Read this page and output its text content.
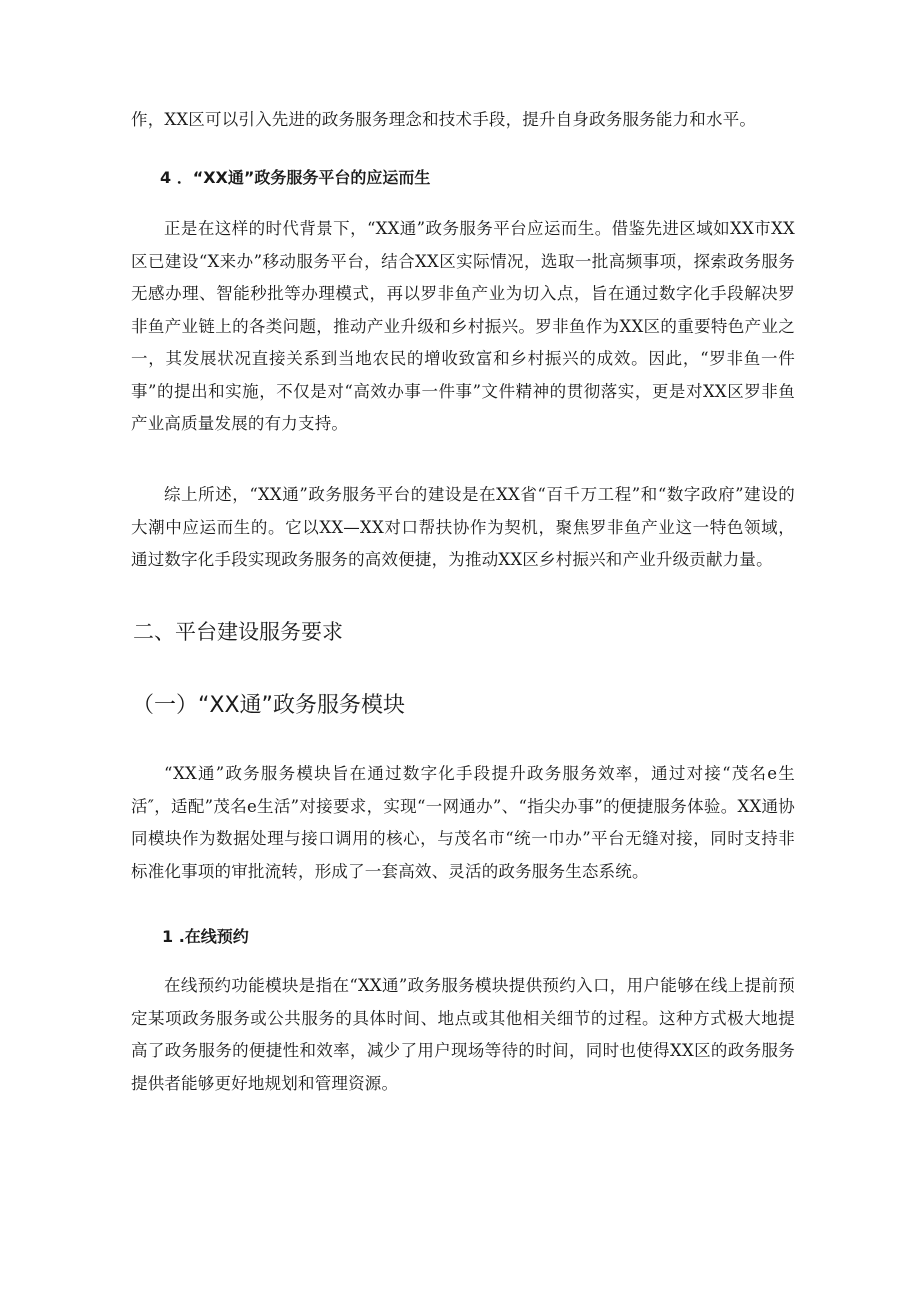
作，XX区可以引入先进的政务服务理念和技术手段，提升自身政务服务能力和水平。

4 ．“XX通”政务服务平台的应运而生

正是在这样的时代背景下，“XX通”政务服务平台应运而生。借鉴先进区域如XX市XX区已建设“X来办”移动服务平台，结合XX区实际情况，选取一批高频事项，探索政务服务无感办理、智能秒批等办理模式，再以罗非鱼产业为切入点，旨在通过数字化手段解决罗非鱼产业链上的各类问题，推动产业升级和乡村振兴。罗非鱼作为XX区的重要特色产业之一，其发展状况直接关系到当地农民的增收致富和乡村振兴的成效。因此，“罗非鱼一件事”的提出和实施，不仅是对“高效办事一件事”文件精神的贯彻落实，更是对XX区罗非鱼产业高质量发展的有力支持。

综上所述，“XX通”政务服务平台的建设是在XX省“百千万工程”和“数字政府”建设的大潮中应运而生的。它以XX—XX对口帮扶协作为契机，聚焦罗非鱼产业这一特色领域，通过数字化手段实现政务服务的高效便捷，为推动XX区乡村振兴和产业升级贡献力量。

二、平台建设服务要求
（一）“XX通”政务服务模块

“XX通”政务服务模块旨在通过数字化手段提升政务服务效率，通过对接“茂名e生活″，适配”茂名e生活”对接要求，实现“一网通办”、“指尖办事”的便捷服务体验。XX通协同模块作为数据处理与接口调用的核心，与茂名市“统一巾办”平台无缝对接，同时支持非标准化事项的审批流转，形成了一套高效、灵活的政务服务生态系统。

1 .在线预约

在线预约功能模块是指在“XX通”政务服务模块提供预约入口，用户能够在线上提前预定某项政务服务或公共服务的具体时间、地点或其他相关细节的过程。这种方式极大地提高了政务服务的便捷性和效率，减少了用户现场等待的时间，同时也使得XX区的政务服务提供者能够更好地规划和管理资源。
